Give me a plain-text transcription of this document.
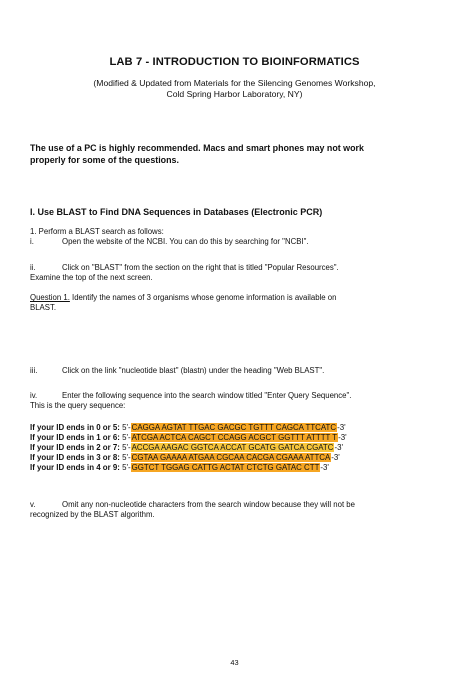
LAB 7 - INTRODUCTION TO BIOINFORMATICS
(Modified & Updated from Materials for the Silencing Genomes Workshop,
Cold Spring Harbor Laboratory, NY)
The use of a PC is highly recommended. Macs and smart phones may not work
properly for some of the questions.
I. Use BLAST to Find DNA Sequences in Databases (Electronic PCR)
1. Perform a BLAST search as follows:
i.	Open the website of the NCBI. You can do this by searching for "NCBI".
ii.	Click on "BLAST" from the section on the right that is titled "Popular Resources".
Examine the top of the next screen.
Question 1. Identify the names of 3 organisms whose genome information is available on
BLAST.
iii.	Click on the link "nucleotide blast" (blastn) under the heading "Web BLAST".
iv.	Enter the following sequence into the search window titled "Enter Query Sequence".
This is the query sequence:
If your ID ends in 0 or 5: 5'-CAGGA AGTAT TTGAC GACGC TGTTT CAGCA TTCATC-3'
If your ID ends in 1 or 6: 5'-ATCGA ACTCA CAGCT CCAGG ACGCT GGTTT ATTTT T-3'
If your ID ends in 2 or 7: 5'-ACCGA AAGAC GGTCA ACCAT GCATG GATCA CGATC-3'
If your ID ends in 3 or 8: 5'-CGTAA GAAAA ATGAA CGCAA CACGA CGAAA ATTCA-3'
If your ID ends in 4 or 9: 5'-GGTCT TGGAG CATTG ACTAT CTCTG GATAC CTT-3'
v.	Omit any non-nucleotide characters from the search window because they will not be
recognized by the BLAST algorithm.
43
